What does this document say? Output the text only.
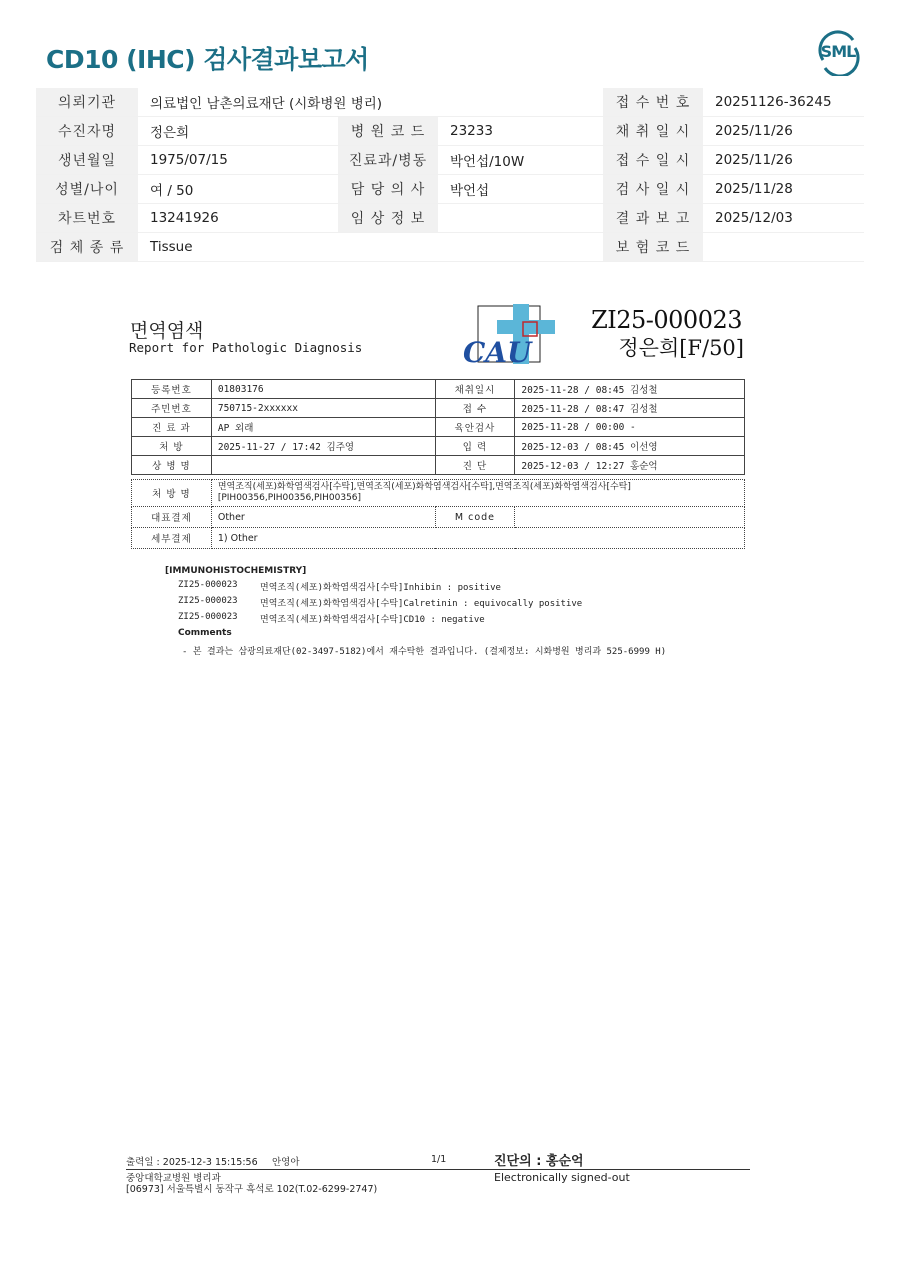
CD10 (IHC) 검사결과보고서	SML
의뢰기관	의료법인 남촌의료재단 (시화병원 병리)			접 수 번 호	20251126-36245
수진자명	정은희	병 원 코 드	23233	채 취 일 시	2025/11/26
생년월일	1975/07/15	진료과/병동	박언섭/10W	접 수 일 시	2025/11/26
성별/나이	여 / 50	담 당 의 사	박언섭	검 사 일 시	2025/11/28
차트번호	13241926	임 상 정 보		결 과 보 고	2025/12/03
검 체 종 류	Tissue			보 험 코 드	
면역염색
Report for Pathologic Diagnosis	CAU
ZI25-000023
정은희[F/50]
등록번호	01803176	채취일시	2025-11-28 / 08:45 김성철
주민번호	750715-2xxxxxx	접 수	2025-11-28 / 08:47 김성철
진 료 과	AP 외래	육안검사	2025-11-28 / 00:00 -
처 방	2025-11-27 / 17:42 김주영	입 력	2025-12-03 / 08:45 이선영
상 병 명		진 단	2025-12-03 / 12:27 홍순억
처 방 명	면역조직(세포)화학염색검사[수탁],면역조직(세포)화학염색검사[수탁],면역조직(세포)화학염색검사[수탁]
[PIH00356,PIH00356,PIH00356]		

대표결제	Other	M code	
세부결제	1) Other		
[IMMUNOHISTOCHEMISTRY]
ZI25-000023 면역조직(세포)화학염색검사[수탁]Inhibin : positive
ZI25-000023 면역조직(세포)화학염색검사[수탁]Calretinin : equivocally positive
ZI25-000023 면역조직(세포)화학염색검사[수탁]CD10 : negative
Comments
- 본 결과는 삼광의료재단(02-3497-5182)에서 재수탁한 결과입니다. (결제정보: 시화병원 병리과 525-6999 H)
출력일 : 2025-12-3 15:15:56 안영아	1/1	진단의 : 홍순억
중앙대학교병원 병리과
[06973] 서울특별시 동작구 흑석로 102(T.02-6299-2747)
Electronically signed-out
